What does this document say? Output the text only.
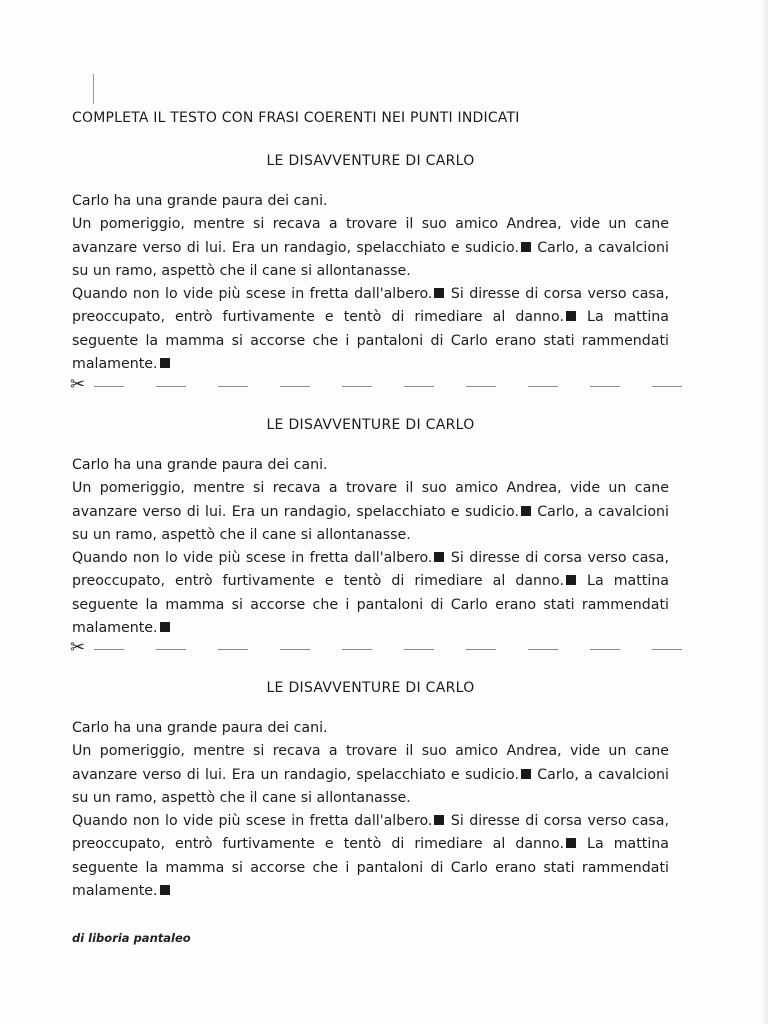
COMPLETA IL TESTO CON FRASI COERENTI NEI PUNTI INDICATI
LE DISAVVENTURE DI CARLO
Carlo ha una grande paura dei cani.
Un pomeriggio, mentre si recava a trovare il suo amico Andrea, vide un cane
avanzare verso di lui. Era un randagio, spelacchiato e sudicio. Carlo, a cavalcioni
su un ramo, aspettò che il cane si allontanasse.
Quando non lo vide più scese in fretta dall'albero. Si diresse di corsa verso casa,
preoccupato, entrò furtivamente e tentò di rimediare al danno. La mattina
seguente la mamma si accorse che i pantaloni di Carlo erano stati rammendati
malamente.
✂
LE DISAVVENTURE DI CARLO
Carlo ha una grande paura dei cani.
Un pomeriggio, mentre si recava a trovare il suo amico Andrea, vide un cane
avanzare verso di lui. Era un randagio, spelacchiato e sudicio. Carlo, a cavalcioni
su un ramo, aspettò che il cane si allontanasse.
Quando non lo vide più scese in fretta dall'albero. Si diresse di corsa verso casa,
preoccupato, entrò furtivamente e tentò di rimediare al danno. La mattina
seguente la mamma si accorse che i pantaloni di Carlo erano stati rammendati
malamente.
✂
LE DISAVVENTURE DI CARLO
Carlo ha una grande paura dei cani.
Un pomeriggio, mentre si recava a trovare il suo amico Andrea, vide un cane
avanzare verso di lui. Era un randagio, spelacchiato e sudicio. Carlo, a cavalcioni
su un ramo, aspettò che il cane si allontanasse.
Quando non lo vide più scese in fretta dall'albero. Si diresse di corsa verso casa,
preoccupato, entrò furtivamente e tentò di rimediare al danno. La mattina
seguente la mamma si accorse che i pantaloni di Carlo erano stati rammendati
malamente.
di liboria pantaleo
